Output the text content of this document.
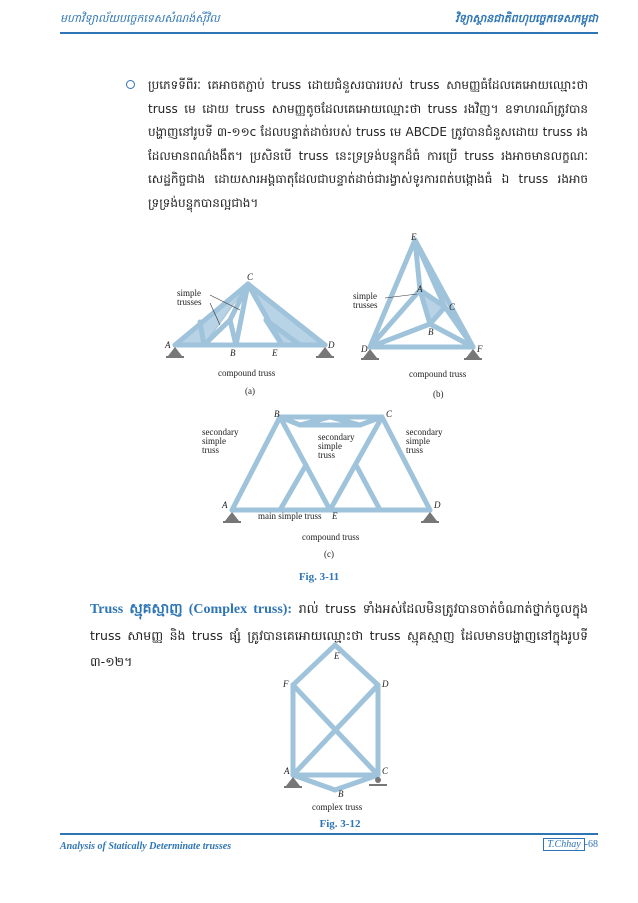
មហាវិទ្យាល័យបច្ចេកទេសសំណង់ស៊ីវិល	វិទ្យាស្ថានជាតិពហុបច្ចេកទេសកម្ពុជា
ប្រភេទទីពីរៈ គេអាចតភ្ជាប់ truss ដោយជំនួសរបាររបស់ truss សាមញ្ញធំដែលគេអោយឈ្មោះថា truss មេ ដោយ truss សាមញ្ញតូចដែលគេអោយឈ្មោះថា truss រងវិញ។ ឧទាហរណ៍ត្រូវបានបង្ហាញនៅរូបទី ៣-១១c ដែលបន្ទាត់ដាច់របស់ truss មេ ABCDE ត្រូវបានជំនួសដោយ truss រងដែលមានពណ៌ងងឹត។ ប្រសិនបើ truss នេះទ្រទ្រង់បន្ទុកដ៏ធំ ការប្រើ truss រងអាចមានលក្ខណៈសេដ្ឋកិច្ចជាង ដោយសារអង្គធាតុដែលជាបន្ទាត់ដាច់ជារង្វាស់ទូរការពត់បង្កោងធំ ឯ truss រងអាចទ្រទ្រង់បន្ទុកបានល្អជាង។
simple
trusses
A
B
C
D
E
compound truss
(a)
simple
trusses
A
B
C
D
E
F
compound truss
(b)
secondary
simple
truss
secondary
simple
truss
secondary
simple
truss
A
B	C
D
E
main simple truss
compound truss
(c)
Fig. 3-11
Truss ស្មុគស្មាញ (Complex truss): រាល់ truss ទាំងអស់ដែលមិនត្រូវបានចាត់ចំណាត់ថ្នាក់ចូលក្នុង truss សាមញ្ញ និង truss ផ្សំ ត្រូវបានគេអោយឈ្មោះថា truss ស្មុគស្មាញ ដែលមានបង្ហាញនៅក្នុងរូបទី ៣-១២។
A
B
C
D
E
F
complex truss
Fig. 3-12
Analysis of Statically Determinate trusses	T.Chhay -68
